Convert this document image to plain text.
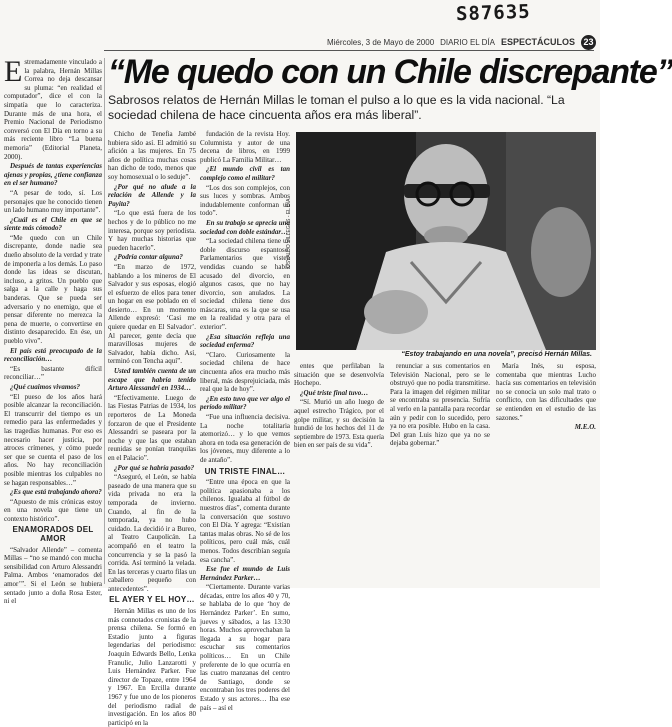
S87635
Miércoles, 3 de Mayo de 2000 DIARIO EL DÍA ESPECTÁCULOS 23
“Me quedo con un Chile discrepante”
Sabrosos relatos de Hernán Millas le toman el pulso a lo que es la vida nacional. “La sociedad chilena de hace cincuenta años era más liberal”.

Estremadamente vinculado a la palabra, Hernán Millas Correa no deja descansar su pluma: “en realidad el computador”, dice el con la simpatía que lo caracteriza. Durante más de una hora, el Premio Nacional de Periodismo conversó con El Día en torno a su más reciente libro “La buena memoria” (Editorial Planeta, 2000).

Después de tantas experiencias ajenas y propias, ¿tiene confianza en el ser humano?

“A pesar de todo, sí. Los personajes que he conocido tienen un lado humano muy importante”.

¿Cuál es el Chile en que se siente más cómodo?

“Me quedo con un Chile discrepante, donde nadie sea dueño absoluto de la verdad y trate de imponerla a los demás. Lo paso donde las ideas se discutan, incluso, a gritos. Un pueblo que salga a la calle y haga sus banderas. Que se pueda ser adversario y no enemigo, que el pensar diferente no merezca la pena de muerte, o convertirse en distinto desaparecido. En ése, un pueblo vivo”.

El país está preocupado de la reconciliación…

“Es bastante difícil reconciliar…”

¿Qué cuaimos vivamos?

“El pueso de los años hará posible alcanzar la reconciliación. El transcurrir del tiempo es un remedio para las enfermedades y las tragedias humanas. Por eso es necesario hacer justicia, por atroces crímenes, y cómo puede ser que se cuenta el paso de los años. No hay reconciliación posible mientras los culpables no se hagan responsables…”

¿Es que está trabajando ahora?

“Apuesto de mis crónicas estoy en una novela que tiene un contexto histórico”.

ENAMORADOS DEL AMOR

“Salvador Allende” – comenta Millas – “no se mandó con mucha sensibilidad con Arturo Alessandri Palma. Ambos ‘enamorados del amor’”. Si el León se hubiera sentado junto a doña Rosa Ester, ni el

Chicho de Tenefia Jambé hubiera sido así. El admitió su afición a las mujeres. En 75 años de política muchas cosas han dicho de todo, menos que soy homosexual o lo seduje”.

¿Por qué no alude a la relación de Allende y la Payita?

“Lo que está fuera de los hechos y de lo público no me interesa, porque soy periodista. Y hay muchas historias que pueden hacerlo”.

¿Podría contar alguna?

“En marzo de 1972, hablando a los mineros de El Salvador y sus esposas, elogió el esfuerzo de ellos para tener un hogar en ese poblado en el desierto… En un momento Allende expresó: ‘Casi me quiere quedar en El Salvador’. Al parecer, gente decía que maravillosas mujeres de Salvador, había dicho. Así, terminó con Tencha aquí”.

Usted también cuenta de un escape que habría tenido Arturo Alessandri en 1934…

“Efectivamente. Luego de las Fiestas Patrias de 1934, los reporteros de La Moneda forzaron de que el Presidente Alessandri se paseara por la noche y que las que estaban reunidas se ponían tranquilas en el Palacio”.

¿Por qué se habría pasado?

“Aseguró, el León, se había paseado de una manera que su vida privada no era la temporada de invierno. Cuando, al fin de la temporada, ya no hubo cuidado. La decidió ir a Bureo, al Teatro Caupolicán. La acompañó en el teatro la concurrencia y se la pasó la corrida. Así terminó la velada. En las terceras y cuarto filas un caballero pequeño con antecedentes”.

EL AYER Y EL HOY…

Hernán Millas es uno de los más connotados cronistas de la prensa chilena. Se formó en Estadio junto a figuras legendarias del periodismo: Joaquín Edwards Bello, Lenka Franulic, Julio Lanzarotti y Luis Hernández Parker. Fue director de Topaze, entre 1964 y 1967. En Ercilla durante 1967 y fue uno de los pioneros del periodismo radial de investigación. En los años 80 participó en la

fundación de la revista Hoy. Columnista y autor de una decena de libros, en 1999 publicó La Familia Militar…

¿El mundo civil es tan complejo como el militar?

“Los dos son complejos, con sus luces y sombras. Ambos indudablemente conforman un todo”.

En su trabajo se aprecia una sociedad con doble estándar…

“La sociedad chilena tiene un doble discurso espantoso. Parlamentarios que visten vendidas cuando se había acusado del divorcio, en algunos casos, que no hay divorcio, son anulados. La sociedad chilena tiene dos máscaras, una es la que se usa en la realidad y otra para el exterior”.

¿Esa situación refleja una sociedad enferma?

“Claro. Curiosamente la sociedad chilena de hace cincuenta años era mucho más liberal, más desprejuiciada, más real que la de hoy”.

¿En esto tuvo que ver algo el período militar?

“Fue una influencia decisiva. La noche totalitaria atemorizó… y lo que vemos ahora en toda esa generación de los jóvenes, muy diferente a lo de antaño”.

UN TRISTE FINAL…

“Entre una época en que la política apasionaba a los chilenos. Igualaba al fútbol de nuestros días”, comenta durante la conversación que sostuvo con El Día. Y agrega: “Existían tantas malas obras. No sé de los políticos, pero cuál más, cuál menos. Todos describían seguía esa cancha”.

Ese fue el mundo de Luis Hernández Parker…

“Ciertamente. Durante varias décadas, entre los años 40 y 70, se hablaba de lo que ‘hoy de Hernández Parker’. En sumo, jueves y sábados, a las 13:30 horas. Muchos aprovechaban la llegada a su hogar para escuchar sus comentarios políticos… En un Chile preferente de lo que ocurría en las cuatro manzanas del centro de Santiago, donde se encontraban los tres poderes del Estado y sus actores… Iba ese país – así el

OSVALDO VILLEGAS - EL DÍA
“Estoy trabajando en una novela”, precisó Hernán Millas.

entes que perfilaban la situación que se desenvolvía Hochepo.

¿Qué triste final tuvo…

“Sí. Murió un año luego de aquel estrecho Trágico, por el golpe militar, y su decisión la hundió de los hechos del 11 de septiembre de 1973. Esta quería bien en ser país de su vida”.

renunciar a sus comentarios en Televisión Nacional, pero se le obstruyó que no podía transmitirse. Para la imagen del régimen militar se encontraba su presencia. Sufría al verlo en la pantalla para recordar aún y pedir con lo sucedido, pero ya no era posible. Hubo en la casa. Del gran Luis hizo que ya no se dejaba gobernar.”

María Inés, su esposa, comentaba que mientras Lucho hacía sus comentarios en televisión no se conocía un solo mal trato o conflicto, con las dificultades que se entienden en el estudio de las sazones.”

M.E.O.
